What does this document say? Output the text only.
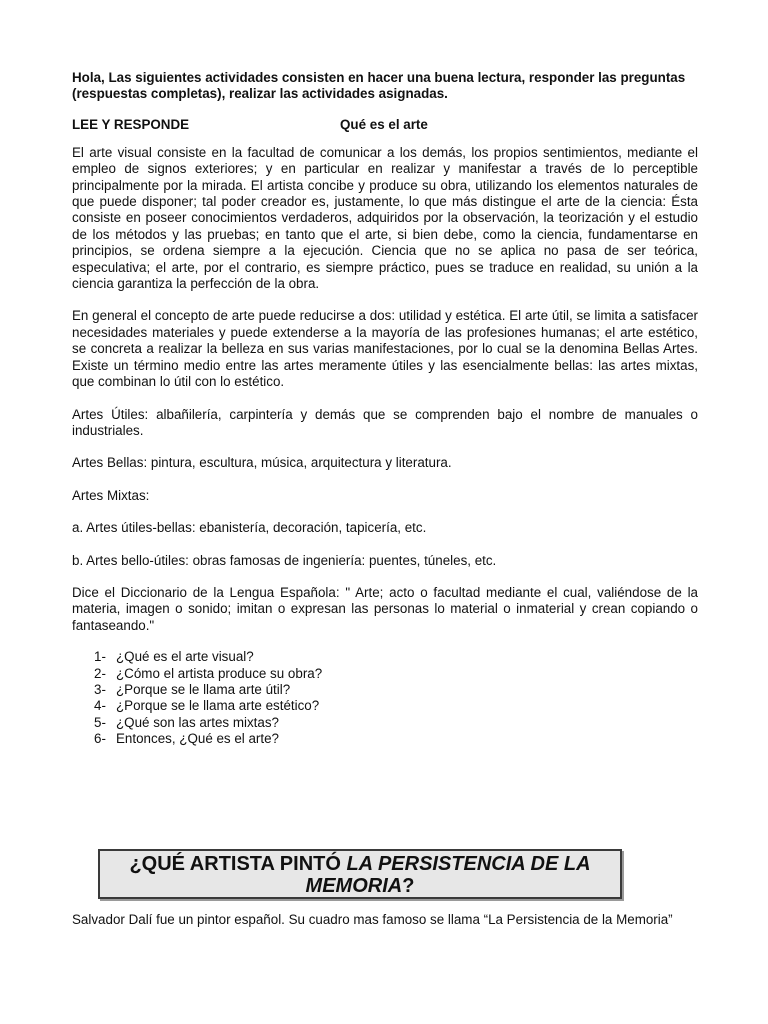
Hola, Las siguientes actividades consisten en hacer una buena lectura, responder las preguntas (respuestas completas), realizar las actividades asignadas.

LEE Y RESPONDE	Qué es el arte

El arte visual consiste en la facultad de comunicar a los demás, los propios sentimientos, mediante el empleo de signos exteriores; y en particular en realizar y manifestar a través de lo perceptible principalmente por la mirada. El artista concibe y produce su obra, utilizando los elementos naturales de que puede disponer; tal poder creador es, justamente, lo que más distingue el arte de la ciencia: Ésta consiste en poseer conocimientos verdaderos, adquiridos por la observación, la teorización y el estudio de los métodos y las pruebas; en tanto que el arte, si bien debe, como la ciencia, fundamentarse en principios, se ordena siempre a la ejecución. Ciencia que no se aplica no pasa de ser teórica, especulativa; el arte, por el contrario, es siempre práctico, pues se traduce en realidad, su unión a la ciencia garantiza la perfección de la obra.

En general el concepto de arte puede reducirse a dos: utilidad y estética. El arte útil, se limita a satisfacer necesidades materiales y puede extenderse a la mayoría de las profesiones humanas; el arte estético, se concreta a realizar la belleza en sus varias manifestaciones, por lo cual se la denomina Bellas Artes. Existe un término medio entre las artes meramente útiles y las esencialmente bellas: las artes mixtas, que combinan lo útil con lo estético.

Artes Útiles: albañilería, carpintería y demás que se comprenden bajo el nombre de manuales o industriales.

Artes Bellas: pintura, escultura, música, arquitectura y literatura.

Artes Mixtas:

a. Artes útiles-bellas: ebanistería, decoración, tapicería, etc.

b. Artes bello-útiles: obras famosas de ingeniería: puentes, túneles, etc.

Dice el Diccionario de la Lengua Española: " Arte; acto o facultad mediante el cual, valiéndose de la materia, imagen o sonido; imitan o expresan las personas lo material o inmaterial y crean copiando o fantaseando."

1- ¿Qué es el arte visual?
2- ¿Cómo el artista produce su obra?
3- ¿Porque se le llama arte útil?
4- ¿Porque se le llama arte estético?
5- ¿Qué son las artes mixtas?
6- Entonces, ¿Qué es el arte?
¿QUÉ ARTISTA PINTÓ LA PERSISTENCIA DE LA
MEMORIA?
Salvador Dalí fue un pintor español. Su cuadro mas famoso se llama “La Persistencia de la Memoria”
